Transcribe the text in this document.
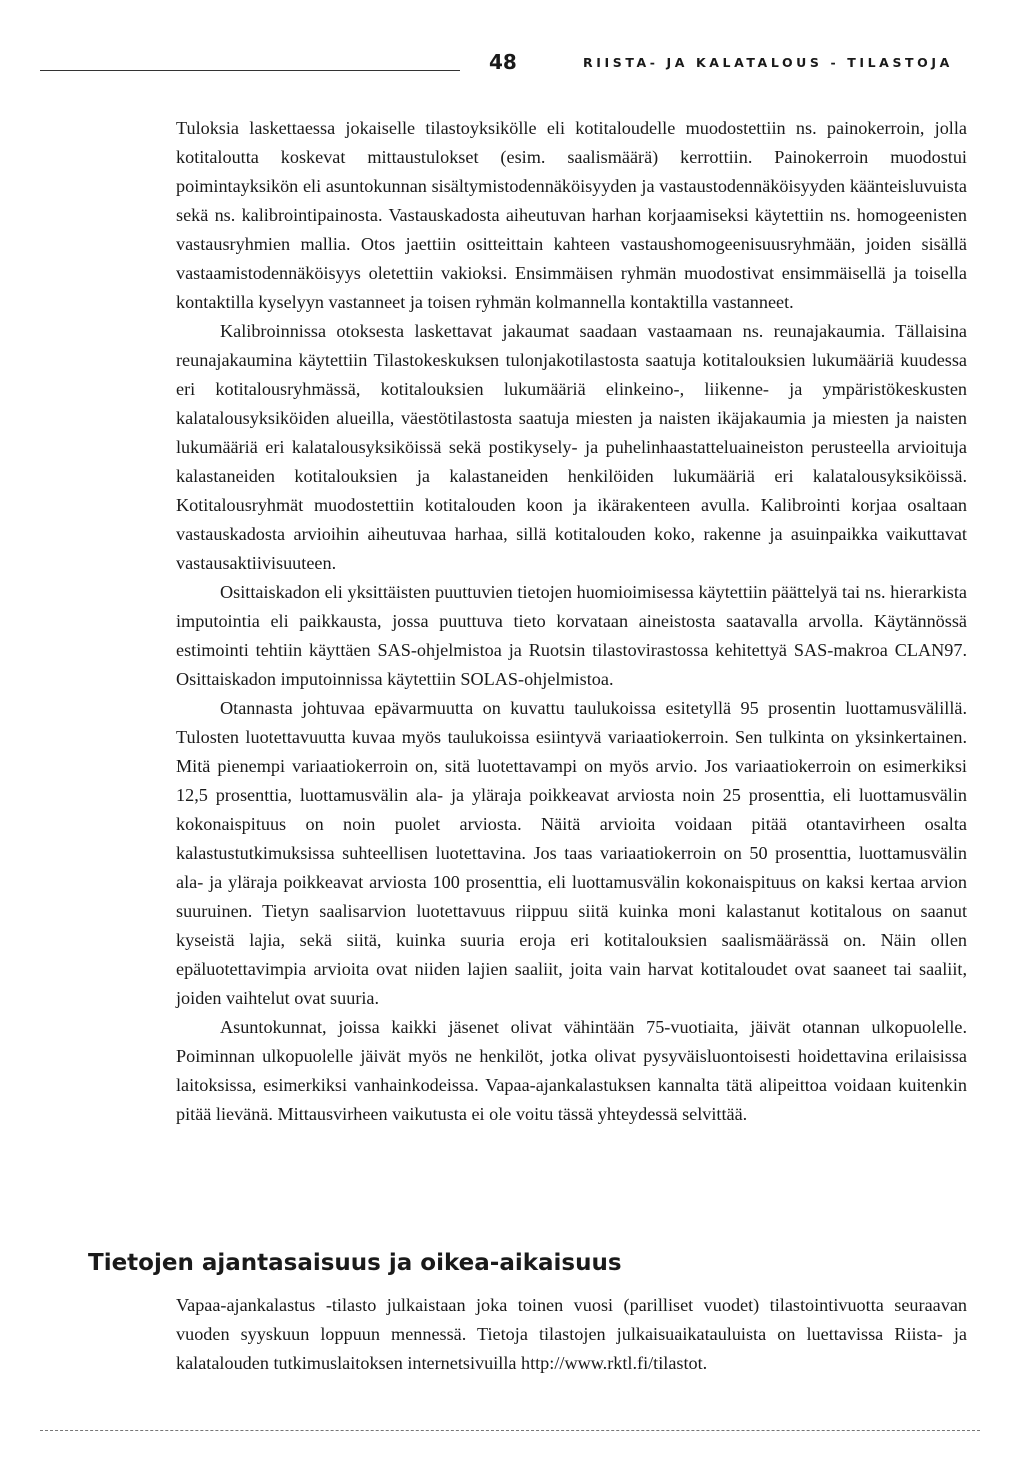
48	RIISTA- JA KALATALOUS - TILASTOJA

Tuloksia laskettaessa jokaiselle tilastoyksikölle eli kotitaloudelle muodostettiin ns. painokerroin, jolla kotitaloutta koskevat mittaustulokset (esim. saalismäärä) kerrottiin. Painokerroin muodostui poimintayksikön eli asuntokunnan sisältymistodennäköisyyden ja vastaustodennäköisyyden käänteisluvuista sekä ns. kalibrointipainosta. Vastauskadosta aiheutuvan harhan korjaamiseksi käytettiin ns. homogeenisten vastausryhmien mallia. Otos jaettiin ositteittain kahteen vastaushomogeenisuusryhmään, joiden sisällä vastaamistodennäköisyys oletettiin vakioksi. Ensimmäisen ryhmän muodostivat ensimmäisellä ja toisella kontaktilla kyselyyn vastanneet ja toisen ryhmän kolmannella kontaktilla vastanneet.

Kalibroinnissa otoksesta laskettavat jakaumat saadaan vastaamaan ns. reunajakaumia. Tällaisina reunajakaumina käytettiin Tilastokeskuksen tulonjakotilastosta saatuja kotitalouksien lukumääriä kuudessa eri kotitalousryhmässä, kotitalouksien lukumääriä elinkeino-, liikenne- ja ympäristökeskusten kalatalousyksiköiden alueilla, väestötilastosta saatuja miesten ja naisten ikäjakaumia ja miesten ja naisten lukumääriä eri kalatalousyksiköissä sekä postikysely- ja puhelinhaastatteluaineiston perusteella arvioituja kalastaneiden kotitalouksien ja kalastaneiden henkilöiden lukumääriä eri kalatalousyksiköissä. Kotitalousryhmät muodostettiin kotitalouden koon ja ikärakenteen avulla. Kalibrointi korjaa osaltaan vastauskadosta arvioihin aiheutuvaa harhaa, sillä kotitalouden koko, rakenne ja asuinpaikka vaikuttavat vastausaktiivisuuteen.

Osittaiskadon eli yksittäisten puuttuvien tietojen huomioimisessa käytettiin päättelyä tai ns. hierarkista imputointia eli paikkausta, jossa puuttuva tieto korvataan aineistosta saatavalla arvolla. Käytännössä estimointi tehtiin käyttäen SAS-ohjelmistoa ja Ruotsin tilastovirastossa kehitettyä SAS-makroa CLAN97. Osittaiskadon imputoinnissa käytettiin SOLAS-ohjelmistoa.

Otannasta johtuvaa epävarmuutta on kuvattu taulukoissa esitetyllä 95 prosentin luottamusvälillä. Tulosten luotettavuutta kuvaa myös taulukoissa esiintyvä variaatiokerroin. Sen tulkinta on yksinkertainen. Mitä pienempi variaatiokerroin on, sitä luotettavampi on myös arvio. Jos variaatiokerroin on esimerkiksi 12,5 prosenttia, luottamusvälin ala- ja yläraja poikkeavat arviosta noin 25 prosenttia, eli luottamusvälin kokonaispituus on noin puolet arviosta. Näitä arvioita voidaan pitää otantavirheen osalta kalastustutkimuksissa suhteellisen luotettavina. Jos taas variaatiokerroin on 50 prosenttia, luottamusvälin ala- ja yläraja poikkeavat arviosta 100 prosenttia, eli luottamusvälin kokonaispituus on kaksi kertaa arvion suuruinen. Tietyn saalisarvion luotettavuus riippuu siitä kuinka moni kalastanut kotitalous on saanut kyseistä lajia, sekä siitä, kuinka suuria eroja eri kotitalouksien saalismäärässä on. Näin ollen epäluotettavimpia arvioita ovat niiden lajien saaliit, joita vain harvat kotitaloudet ovat saaneet tai saaliit, joiden vaihtelut ovat suuria.

Asuntokunnat, joissa kaikki jäsenet olivat vähintään 75-vuotiaita, jäivät otannan ulkopuolelle. Poiminnan ulkopuolelle jäivät myös ne henkilöt, jotka olivat pysyväisluontoisesti hoidettavina erilaisissa laitoksissa, esimerkiksi vanhainkodeissa. Vapaa-ajankalastuksen kannalta tätä alipeittoa voidaan kuitenkin pitää lievänä. Mittausvirheen vaikutusta ei ole voitu tässä yhteydessä selvittää.

Tietojen ajantasaisuus ja oikea-aikaisuus

Vapaa-ajankalastus -tilasto julkaistaan joka toinen vuosi (parilliset vuodet) tilastointivuotta seuraavan vuoden syyskuun loppuun mennessä. Tietoja tilastojen julkaisuaikatauluista on luettavissa Riista- ja kalatalouden tutkimuslaitoksen internetsivuilla http://www.rktl.fi/tilastot.
